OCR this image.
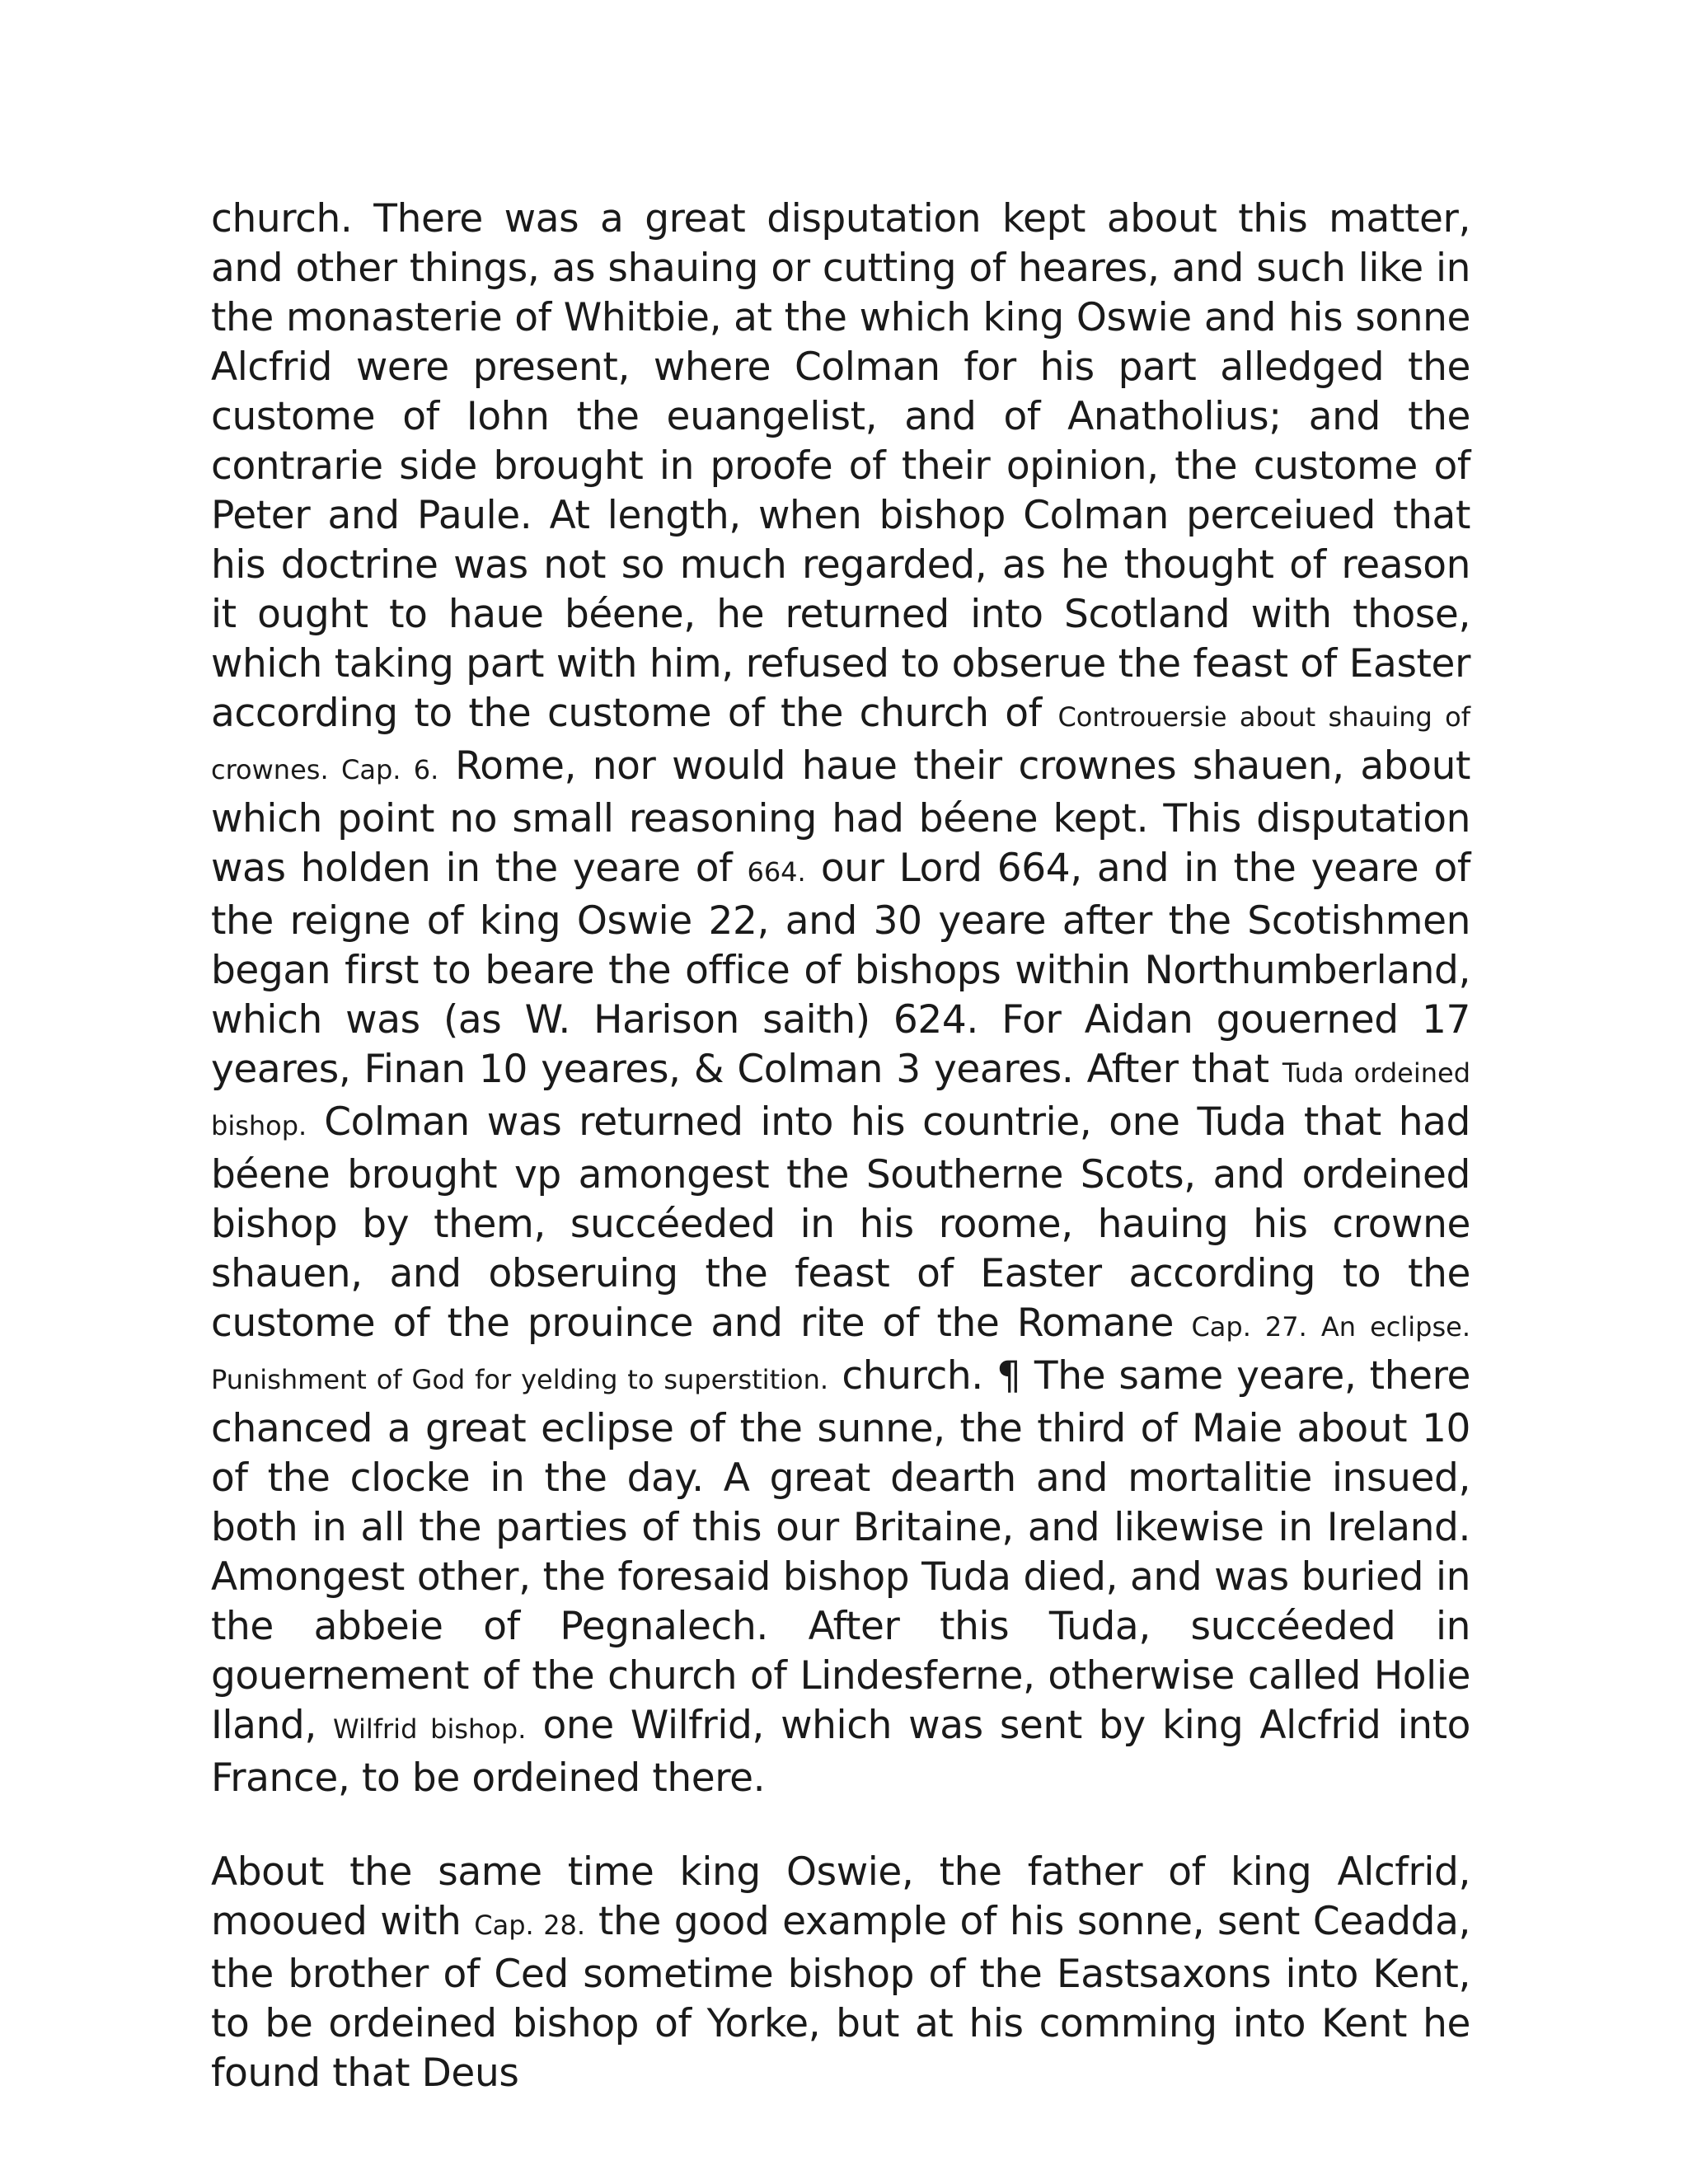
church. There was a great disputation kept about this matter, and other things, as shauing or cutting of heares, and such like in the monasterie of Whitbie, at the which king Oswie and his sonne Alcfrid were present, where Colman for his part alledged the custome of Iohn the euangelist, and of Anatholius; and the contrarie side brought in proofe of their opinion, the custome of Peter and Paule. At length, when bishop Colman perceiued that his doctrine was not so much regarded, as he thought of reason it ought to haue béene, he returned into Scotland with those, which taking part with him, refused to obserue the feast of Easter according to the custome of the church of Controuersie about shauing of crownes. Cap. 6. Rome, nor would haue their crownes shauen, about which point no small reasoning had béene kept. This disputation was holden in the yeare of 664. our Lord 664, and in the yeare of the reigne of king Oswie 22, and 30 yeare after the Scotishmen began first to beare the office of bishops within Northumberland, which was (as W. Harison saith) 624. For Aidan gouerned 17 yeares, Finan 10 yeares, & Colman 3 yeares. After that Tuda ordeined bishop. Colman was returned into his countrie, one Tuda that had béene brought vp amongest the Southerne Scots, and ordeined bishop by them, succéeded in his roome, hauing his crowne shauen, and obseruing the feast of Easter according to the custome of the prouince and rite of the Romane Cap. 27. An eclipse. Punishment of God for yelding to superstition. church. ¶ The same yeare, there chanced a great eclipse of the sunne, the third of Maie about 10 of the clocke in the day. A great dearth and mortalitie insued, both in all the parties of this our Britaine, and likewise in Ireland. Amongest other, the foresaid bishop Tuda died, and was buried in the abbeie of Pegnalech. After this Tuda, succéeded in gouernement of the church of Lindesferne, otherwise called Holie Iland, Wilfrid bishop. one Wilfrid, which was sent by king Alcfrid into France, to be ordeined there.

About the same time king Oswie, the father of king Alcfrid, mooued with Cap. 28. the good example of his sonne, sent Ceadda, the brother of Ced sometime bishop of the Eastsaxons into Kent, to be ordeined bishop of Yorke, but at his comming into Kent he found that Deus
